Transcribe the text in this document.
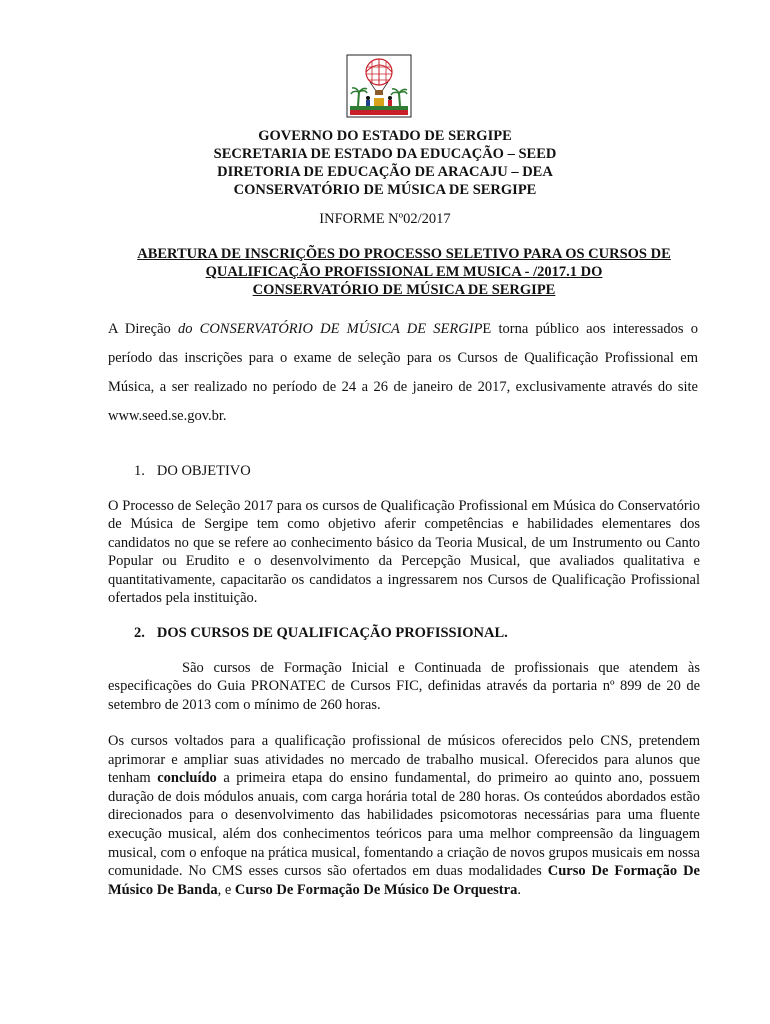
GOVERNO DO ESTADO DE SERGIPE
SECRETARIA DE ESTADO DA EDUCAÇÃO – SEED
DIRETORIA DE EDUCAÇÃO DE ARACAJU – DEA
CONSERVATÓRIO DE MÚSICA DE SERGIPE
INFORME Nº02/2017
ABERTURA DE INSCRIÇÕES DO PROCESSO SELETIVO PARA OS CURSOS DE
QUALIFICAÇÃO PROFISSIONAL EM MUSICA - /2017.1 DO
CONSERVATÓRIO DE MÚSICA DE SERGIPE
A Direção do CONSERVATÓRIO DE MÚSICA DE SERGIPE torna público aos interessados o período das inscrições para o exame de seleção para os Cursos de Qualificação Profissional em Música, a ser realizado no período de 24 a 26 de janeiro de 2017, exclusivamente através do site www.seed.se.gov.br.
1. DO OBJETIVO
O Processo de Seleção 2017 para os cursos de Qualificação Profissional em Música do Conservatório de Música de Sergipe tem como objetivo aferir competências e habilidades elementares dos candidatos no que se refere ao conhecimento básico da Teoria Musical, de um Instrumento ou Canto Popular ou Erudito e o desenvolvimento da Percepção Musical, que avaliados qualitativa e quantitativamente, capacitarão os candidatos a ingressarem nos Cursos de Qualificação Profissional ofertados pela instituição.
2. DOS CURSOS DE QUALIFICAÇÃO PROFISSIONAL.
São cursos de Formação Inicial e Continuada de profissionais que atendem às especificações do Guia PRONATEC de Cursos FIC, definidas através da portaria nº 899 de 20 de setembro de 2013 com o mínimo de 260 horas.
Os cursos voltados para a qualificação profissional de músicos oferecidos pelo CNS, pretendem aprimorar e ampliar suas atividades no mercado de trabalho musical. Oferecidos para alunos que tenham concluído a primeira etapa do ensino fundamental, do primeiro ao quinto ano, possuem duração de dois módulos anuais, com carga horária total de 280 horas. Os conteúdos abordados estão direcionados para o desenvolvimento das habilidades psicomotoras necessárias para uma fluente execução musical, além dos conhecimentos teóricos para uma melhor compreensão da linguagem musical, com o enfoque na prática musical, fomentando a criação de novos grupos musicais em nossa comunidade. No CMS esses cursos são ofertados em duas modalidades Curso De Formação De Músico De Banda, e Curso De Formação De Músico De Orquestra.
